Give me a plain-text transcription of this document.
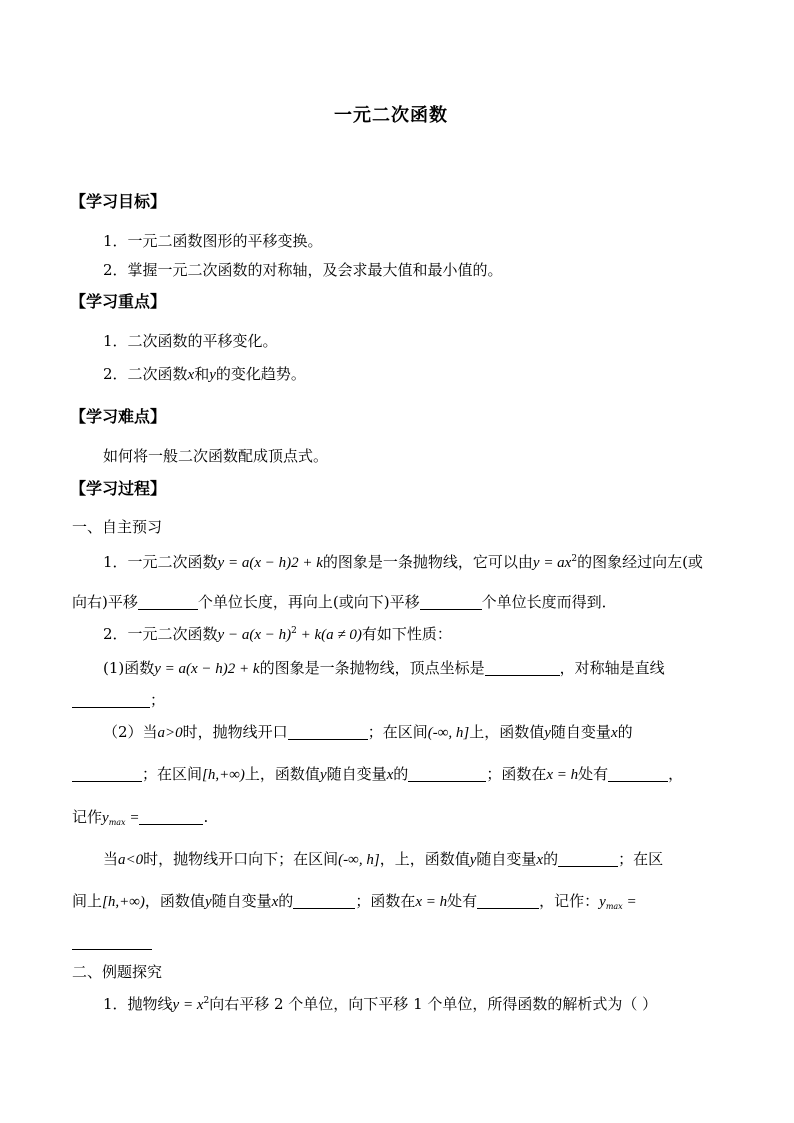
一元二次函数
【学习目标】
1．一元二函数图形的平移变换。
2．掌握一元二次函数的对称轴，及会求最大值和最小值的。
【学习重点】
1．二次函数的平移变化。
2．二次函数x和y的变化趋势。
【学习难点】
如何将一般二次函数配成顶点式。
【学习过程】
一、自主预习
1．一元二次函数y = a(x − h)2 + k的图象是一条抛物线，它可以由$y = ax^2$的图象经过向左(或
向右)平移	个单位长度，再向上(或向下)平移	个单位长度而得到．
2．一元二次函数$y - a(x - h)^2 + k(a \ne 0)$有如下性质：
(1)函数y = a(x − h)2 + k的图象是一条抛物线，顶点坐标是	，对称轴是直线
；
（2）当a>0时，抛物线开口	；在区间(-∞, h]上，函数值y随自变量x的
；在区间[h,+∞)上，函数值y随自变量x的	；函数在x = h处有	，
记作$y_{max}$ =	.
当a<0时，抛物线开口向下；在区间(-∞, h]，上，函数值y随自变量x的	；在区
间上[h,+∞)，函数值y随自变量x的	；函数在x = h处有	，记作：$y_{max}$ =
二、例题探究
1．抛物线$y = x^2$向右平移 2 个单位，向下平移 1 个单位，所得函数的解析式为（ ）
